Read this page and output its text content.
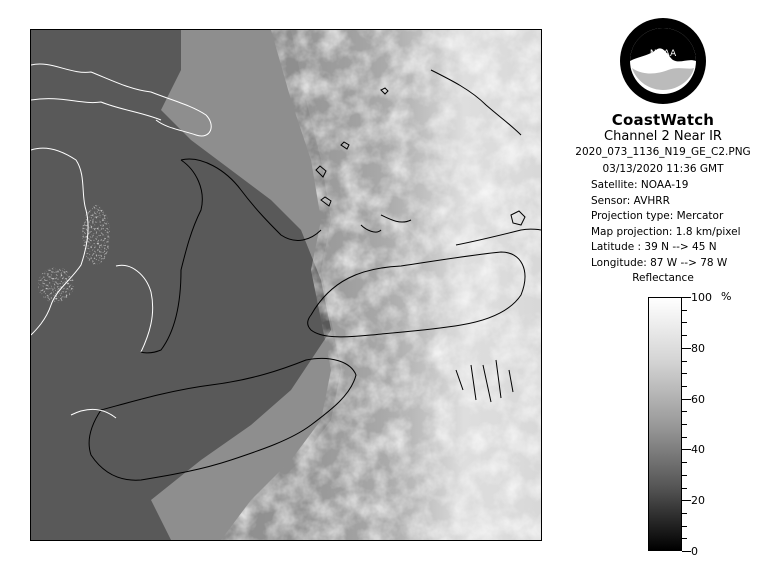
NOAA
CoastWatch
Channel 2 Near IR
2020_073_1136_N19_GE_C2.PNG
03/13/2020 11:36 GMT
Satellite: NOAA-19
Sensor: AVHRR
Projection type: Mercator
Map projection: 1.8 km/pixel
Latitude : 39 N --> 45 N
Longitude: 87 W --> 78 W
Reflectance
%
100
80
60
40
20
0
